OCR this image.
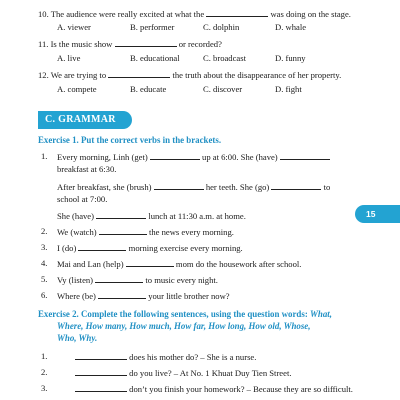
10. The audience were really excited at what the	was doing on the stage.
A. viewer	B. performer	C. dolphin	D. whale
11. Is the music show	or recorded?
A. live	B. educational	C. broadcast	D. funny
12. We are trying to	the truth about the disappearance of her property.
A. compete	B. educate	C. discover	D. fight
C. GRAMMAR
Exercise 1. Put the correct verbs in the brackets.
1. Every morning, Linh (get)	up at 6:00. She (have)
breakfast at 6:30.
After breakfast, she (brush)	her teeth. She (go)	to
school at 7:00.
She (have)	lunch at 11:30 a.m. at home.
2. We (watch)	the news every morning.
3. I (do)	morning exercise every morning.
4. Mai and Lan (help)	mom do the housework after school.
5. Vy (listen)	to music every night.
6. Where (be)	your little brother now?
Exercise 2. Complete the following sentences, using the question words: What,
Where, How many, How much, How far, How long, How old, Whose,
Who, Why.
1.	does his mother do? – She is a nurse.
2.	do you live? – At No. 1 Khuat Duy Tien Street.
3.	don’t you finish your homework? – Because they are so difficult.
15
